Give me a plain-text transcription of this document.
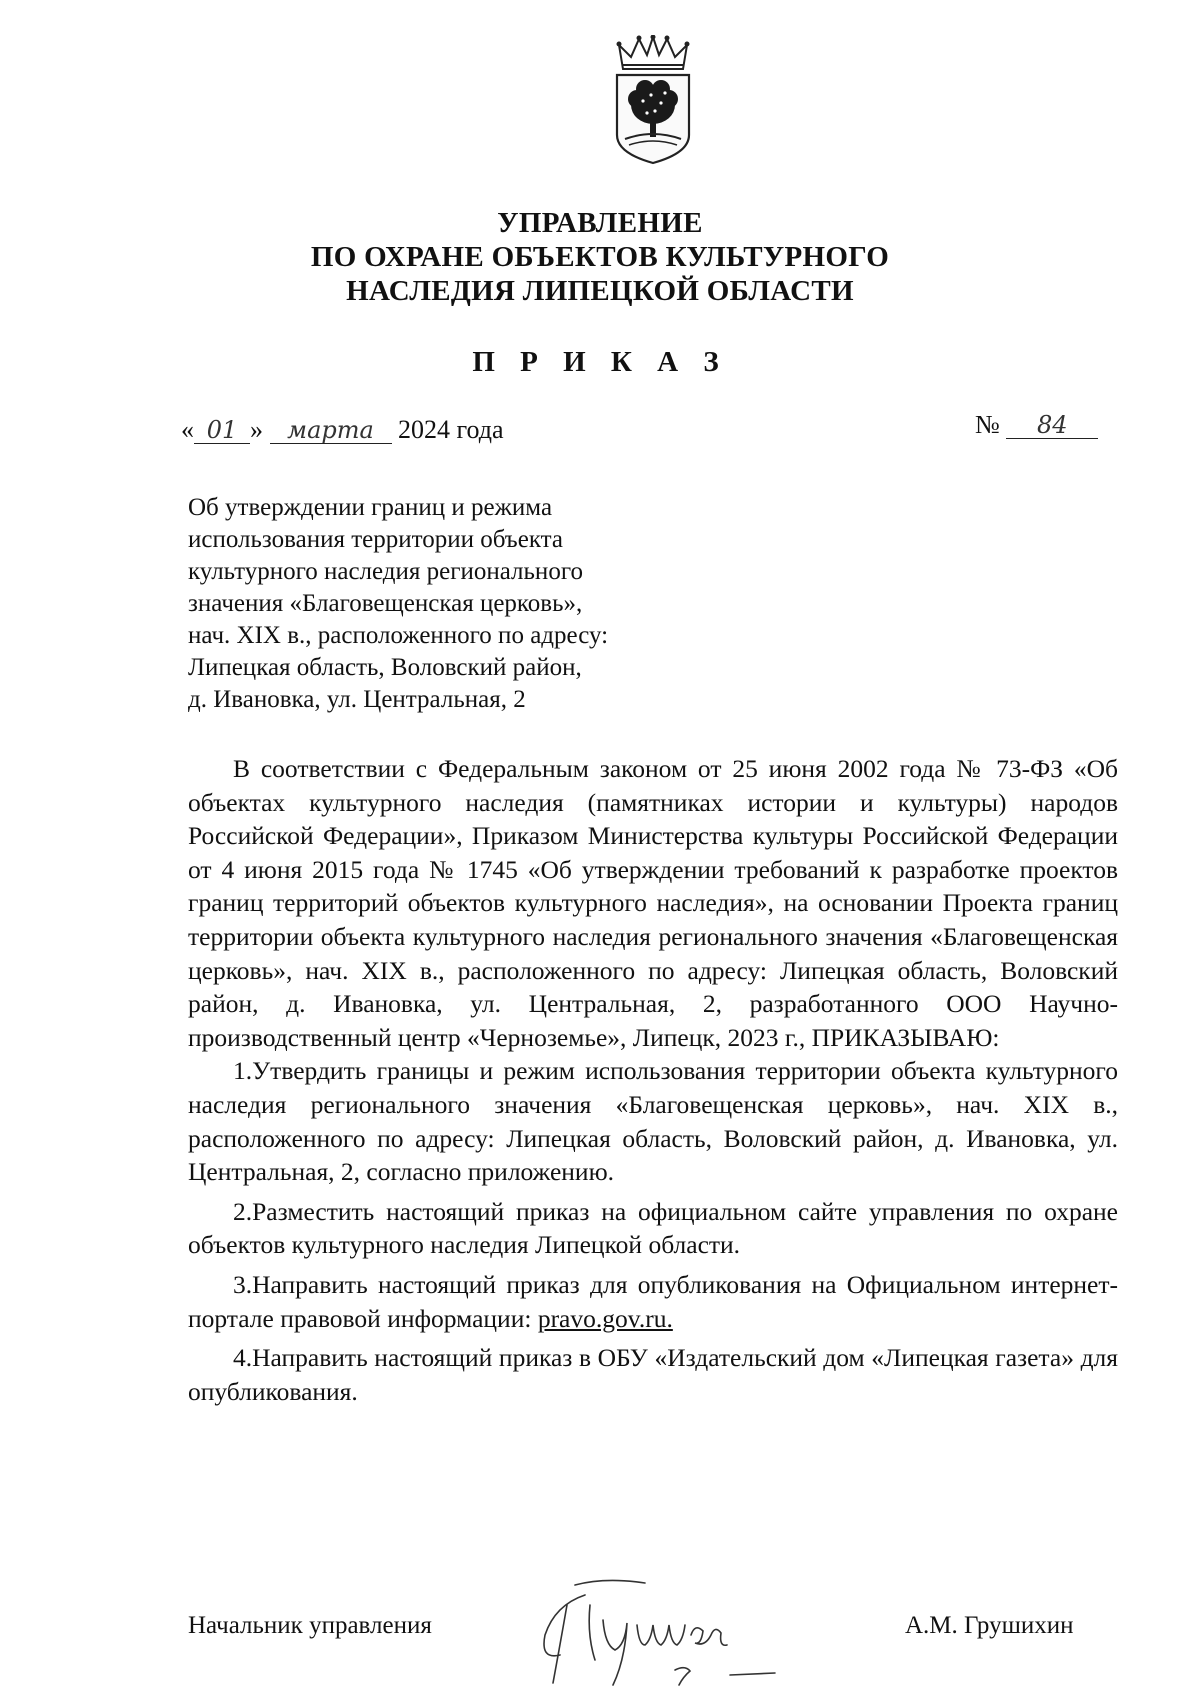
УПРАВЛЕНИЕ
ПО ОХРАНЕ ОБЪЕКТОВ КУЛЬТУРНОГО
НАСЛЕДИЯ ЛИПЕЦКОЙ ОБЛАСТИ
П Р И К А З
« 01 » марта 2024 года	№ 84
Об утверждении границ и режима
использования территории объекта
культурного наследия регионального
значения «Благовещенская церковь»,
нач. XIX в., расположенного по адресу:
Липецкая область, Воловский район,
д. Ивановка, ул. Центральная, 2

В соответствии с Федеральным законом от 25 июня 2002 года № 73-ФЗ «Об объектах культурного наследия (памятниках истории и культуры) народов Российской Федерации», Приказом Министерства культуры Российской Федерации от 4 июня 2015 года № 1745 «Об утверждении требований к разработке проектов границ территорий объектов культурного наследия», на основании Проекта границ территории объекта культурного наследия регионального значения «Благовещенская церковь», нач. XIX в., расположенного по адресу: Липецкая область, Воловский район, д. Ивановка, ул. Центральная, 2, разработанного ООО Научно-производственный центр «Черноземье», Липецк, 2023 г., ПРИКАЗЫВАЮ:

1.Утвердить границы и режим использования территории объекта культурного наследия регионального значения «Благовещенская церковь», нач. XIX в., расположенного по адресу: Липецкая область, Воловский район, д. Ивановка, ул. Центральная, 2, согласно приложению.

2.Разместить настоящий приказ на официальном сайте управления по охране объектов культурного наследия Липецкой области.

3.Направить настоящий приказ для опубликования на Официальном интернет-портале правовой информации: pravo.gov.ru.

4.Направить настоящий приказ в ОБУ «Издательский дом «Липецкая газета» для опубликования.

Начальник управления	А.М. Грушихин
